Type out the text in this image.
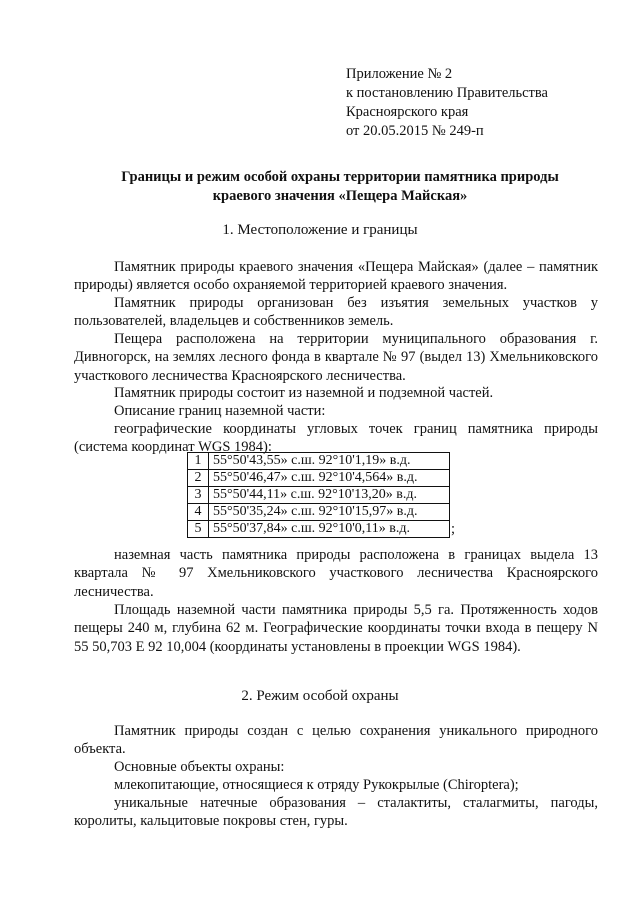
Приложение № 2
к постановлению Правительства
Красноярского края
от 20.05.2015 № 249-п
Границы и режим особой охраны территории памятника природы
краевого значения «Пещера Майская»
1. Местоположение и границы

Памятник природы краевого значения «Пещера Майская» (далее – памятник природы) является особо охраняемой территорией краевого значения.

Памятник природы организован без изъятия земельных участков у пользователей, владельцев и собственников земель.

Пещера расположена на территории муниципального образования г. Дивногорск, на землях лесного фонда в квартале № 97 (выдел 13) Хмельниковского участкового лесничества Красноярского лесничества.

Памятник природы состоит из наземной и подземной частей.

Описание границ наземной части:

географические координаты угловых точек границ памятника природы (система координат WGS 1984):

1	55°50'43,55» с.ш. 92°10'1,19» в.д.
2	55°50'46,47» с.ш. 92°10'4,564» в.д.
3	55°50'44,11» с.ш. 92°10'13,20» в.д.
4	55°50'35,24» с.ш. 92°10'15,97» в.д.
5	55°50'37,84» с.ш. 92°10'0,11» в.д.	;

наземная часть памятника природы расположена в границах выдела 13 квартала № 97 Хмельниковского участкового лесничества Красноярского лесничества.

Площадь наземной части памятника природы 5,5 га. Протяженность ходов пещеры 240 м, глубина 62 м. Географические координаты точки входа в пещеру N 55 50,703 E 92 10,004 (координаты установлены в проекции WGS 1984).

2. Режим особой охраны

Памятник природы создан с целью сохранения уникального природного объекта.

Основные объекты охраны:

млекопитающие, относящиеся к отряду Рукокрылые (Chiroptera);

уникальные натечные образования – сталактиты, сталагмиты, пагоды, королиты, кальцитовые покровы стен, гуры.
